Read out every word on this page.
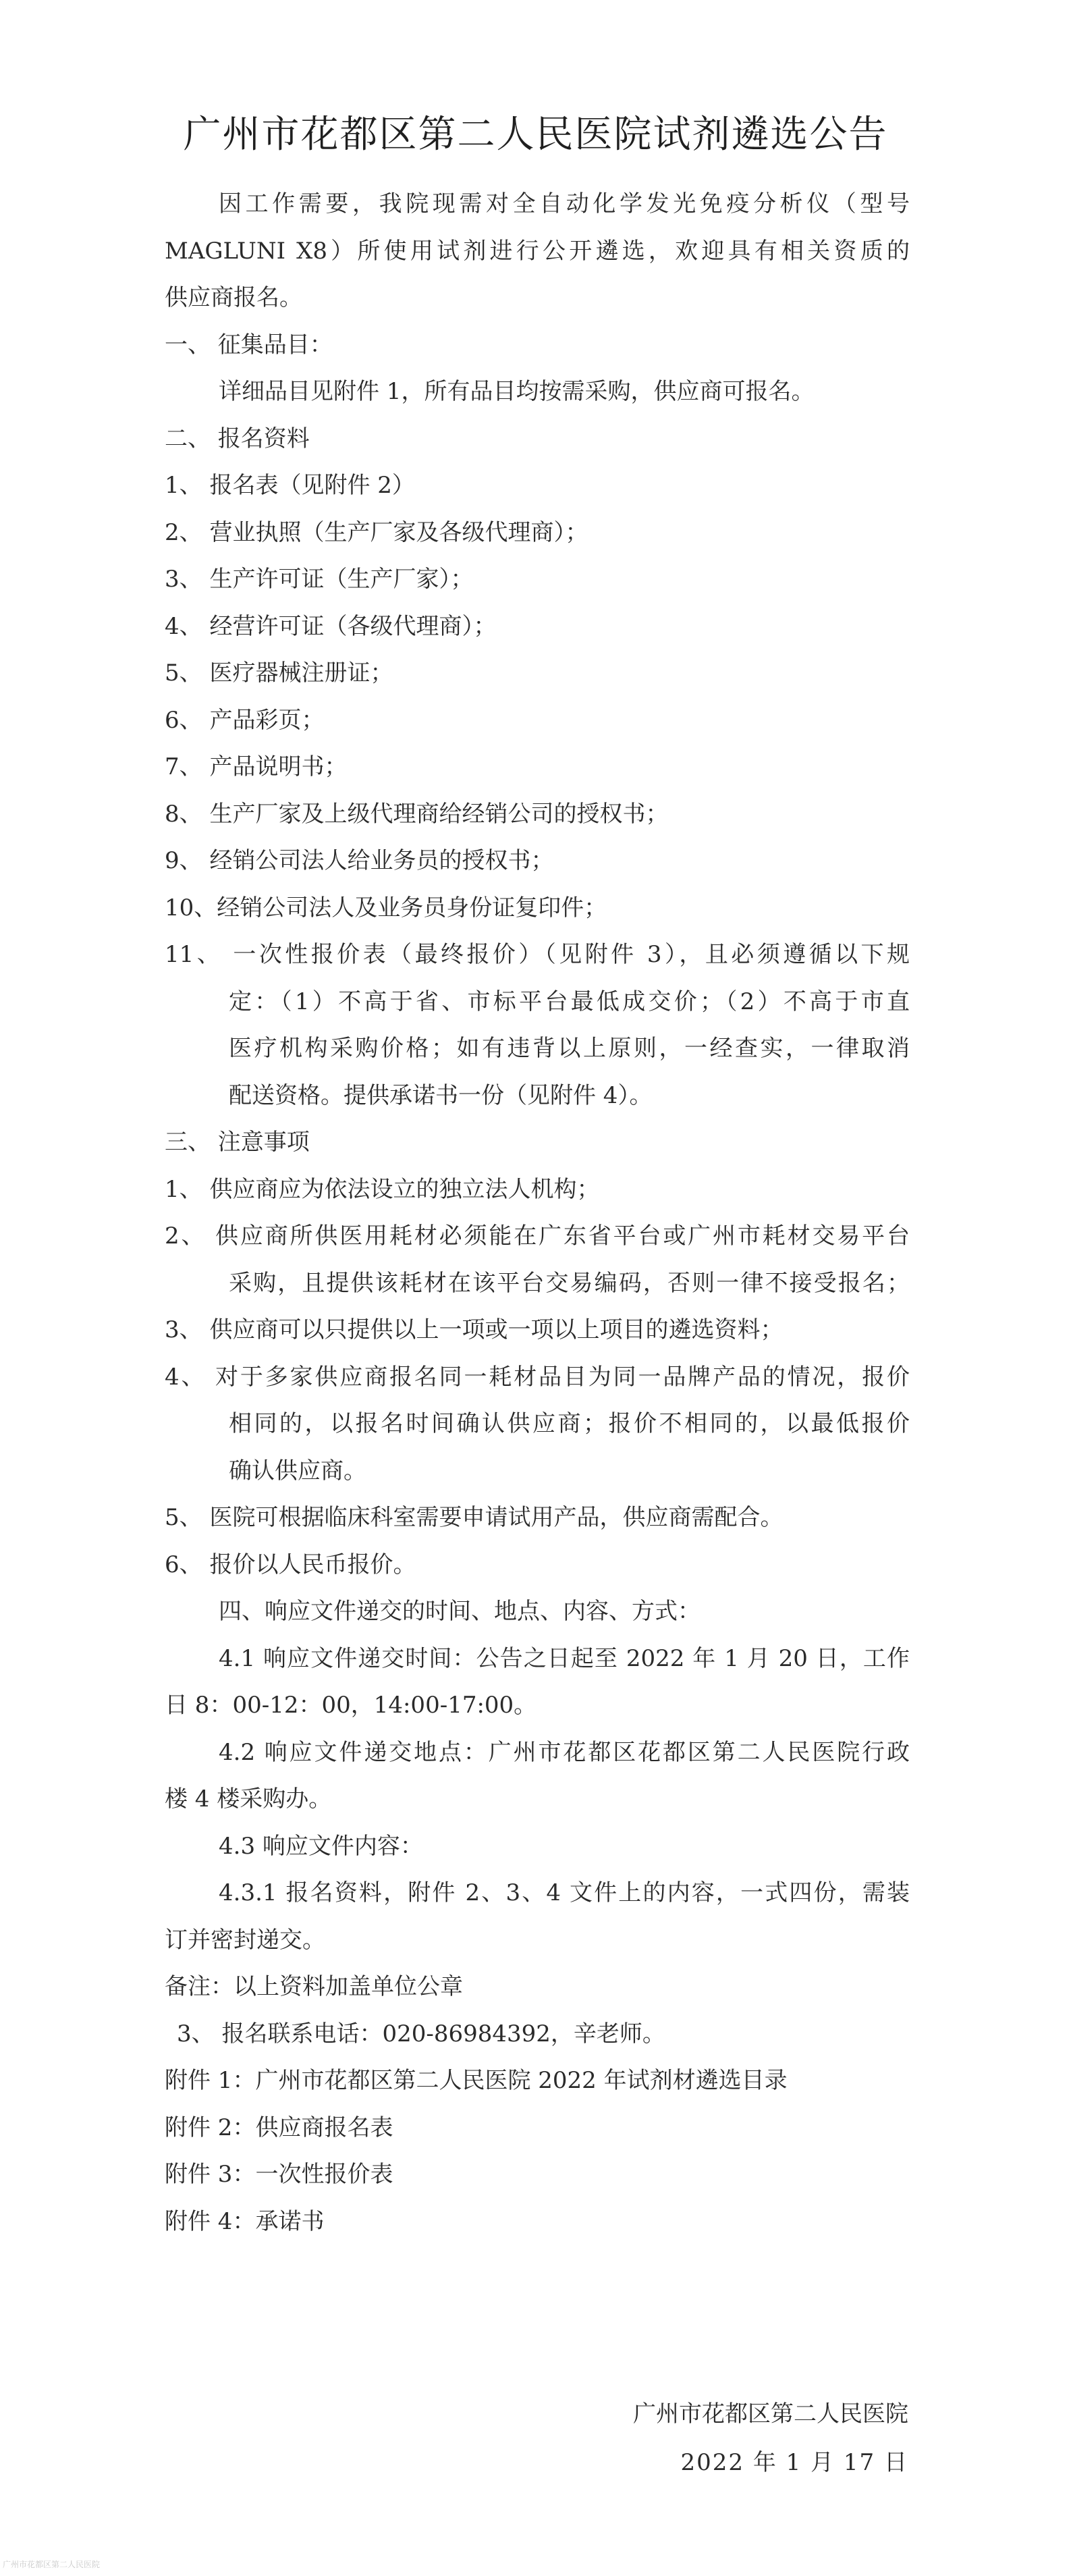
广州市花都区第二人民医院试剂遴选公告
因工作需要，我院现需对全自动化学发光免疫分析仪（型号
MAGLUNI X8）所使用试剂进行公开遴选，欢迎具有相关资质的
供应商报名。
一、 征集品目：
详细品目见附件 1，所有品目均按需采购，供应商可报名。
二、 报名资料
1、 报名表（见附件 2）
2、 营业执照（生产厂家及各级代理商）；
3、 生产许可证（生产厂家）；
4、 经营许可证（各级代理商）；
5、 医疗器械注册证；
6、 产品彩页；
7、 产品说明书；
8、 生产厂家及上级代理商给经销公司的授权书；
9、 经销公司法人给业务员的授权书；
10、经销公司法人及业务员身份证复印件；
11、 一次性报价表（最终报价）（见附件 3），且必须遵循以下规
定：（1）不高于省、市标平台最低成交价；（2）不高于市直
医疗机构采购价格；如有违背以上原则，一经查实，一律取消
配送资格。提供承诺书一份（见附件 4）。
三、 注意事项
1、 供应商应为依法设立的独立法人机构；
2、 供应商所供医用耗材必须能在广东省平台或广州市耗材交易平台
采购，且提供该耗材在该平台交易编码，否则一律不接受报名；
3、 供应商可以只提供以上一项或一项以上项目的遴选资料；
4、 对于多家供应商报名同一耗材品目为同一品牌产品的情况，报价
相同的，以报名时间确认供应商；报价不相同的，以最低报价
确认供应商。
5、 医院可根据临床科室需要申请试用产品，供应商需配合。
6、 报价以人民币报价。
四、响应文件递交的时间、地点、内容、方式：
4.1 响应文件递交时间：公告之日起至 2022 年 1 月 20 日，工作
日 8：00-12：00，14:00-17:00。
4.2 响应文件递交地点：广州市花都区花都区第二人民医院行政
楼 4 楼采购办。
4.3 响应文件内容：
4.3.1 报名资料，附件 2、3、4 文件上的内容，一式四份，需装
订并密封递交。
备注：以上资料加盖单位公章
3、 报名联系电话：020-86984392，辛老师。
附件 1：广州市花都区第二人民医院 2022 年试剂材遴选目录
附件 2：供应商报名表
附件 3：一次性报价表
附件 4：承诺书
广州市花都区第二人民医院
2022 年 1 月 17 日
广州市花都区第二人民医院
